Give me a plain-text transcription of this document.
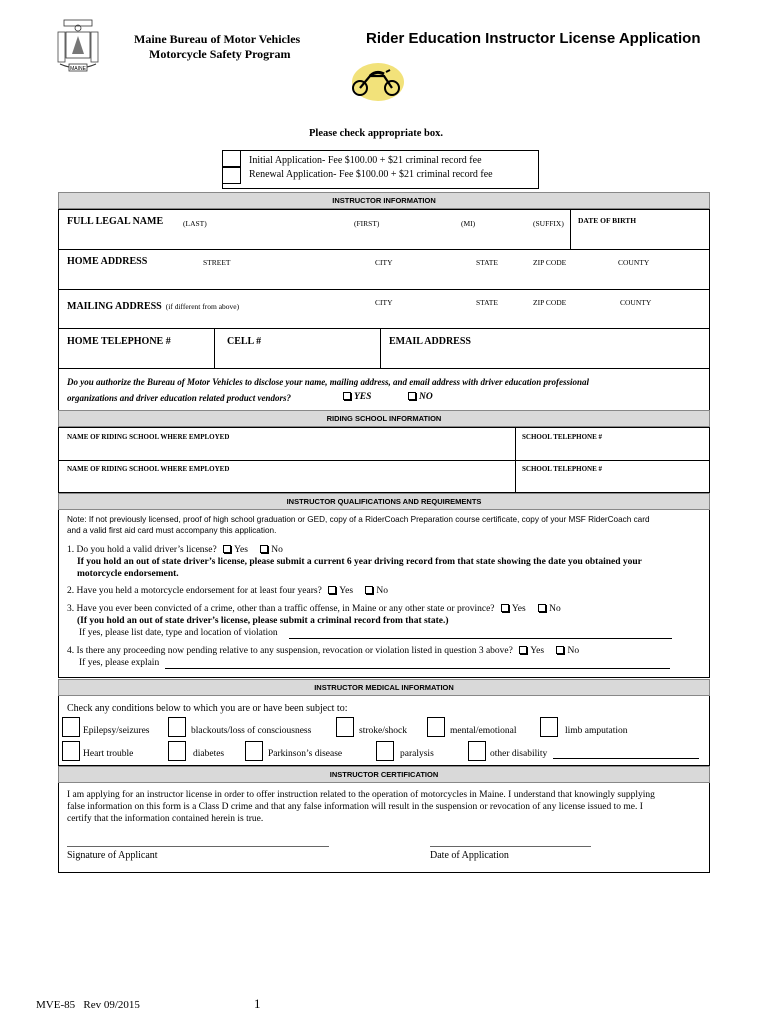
MAINE
Maine Bureau of Motor Vehicles
Motorcycle Safety Program
Rider Education Instructor License Application
Please check appropriate box.
Initial Application- Fee $100.00 + $21 criminal record fee
Renewal Application- Fee $100.00 + $21 criminal record fee
INSTRUCTOR INFORMATION
FULL LEGAL NAME	(LAST)	(FIRST)	(MI)	(SUFFIX) DATE OF BIRTH
HOME ADDRESS	STREET	CITY	STATE	ZIP CODE	COUNTY
MAILING ADDRESS (if different from above)	CITY	STATE	ZIP CODE	COUNTY
HOME TELEPHONE #	CELL #	EMAIL ADDRESS
Do you authorize the Bureau of Motor Vehicles to disclose your name, mailing address, and email address with driver education professional
organizations and driver education related product vendors?	YES	NO
RIDING SCHOOL INFORMATION
NAME OF RIDING SCHOOL WHERE EMPLOYED	SCHOOL TELEPHONE #
NAME OF RIDING SCHOOL WHERE EMPLOYED	SCHOOL TELEPHONE #
INSTRUCTOR QUALIFICATIONS AND REQUIREMENTS
Note: If not previously licensed, proof of high school graduation or GED, copy of a RiderCoach Preparation course certificate, copy of your MSF RiderCoach card
and a valid first aid card must accompany this application.
1. Do you hold a valid driver’s license? Yes No
If you hold an out of state driver’s license, please submit a current 6 year driving record from that state showing the date you obtained your
motorcycle endorsement.
2. Have you held a motorcycle endorsement for at least four years? Yes No
3. Have you ever been convicted of a crime, other than a traffic offense, in Maine or any other state or province? Yes No
(If you hold an out of state driver’s license, please submit a criminal record from that state.)
If yes, please list date, type and location of violation
4. Is there any proceeding now pending relative to any suspension, revocation or violation listed in question 3 above? Yes No
If yes, please explain
INSTRUCTOR MEDICAL INFORMATION
Check any conditions below to which you are or have been subject to:
Epilepsy/seizures	blackouts/loss of consciousness	stroke/shock	mental/emotional	limb amputation
Heart trouble	diabetes	Parkinson’s disease	paralysis	other disability
INSTRUCTOR CERTIFICATION
I am applying for an instructor license in order to offer instruction related to the operation of motorcycles in Maine. I understand that knowingly supplying
false information on this form is a Class D crime and that any false information will result in the suspension or revocation of any license issued to me. I
certify that the information contained herein is true.
Signature of Applicant	Date of Application
MVE-85   Rev 09/2015	1
